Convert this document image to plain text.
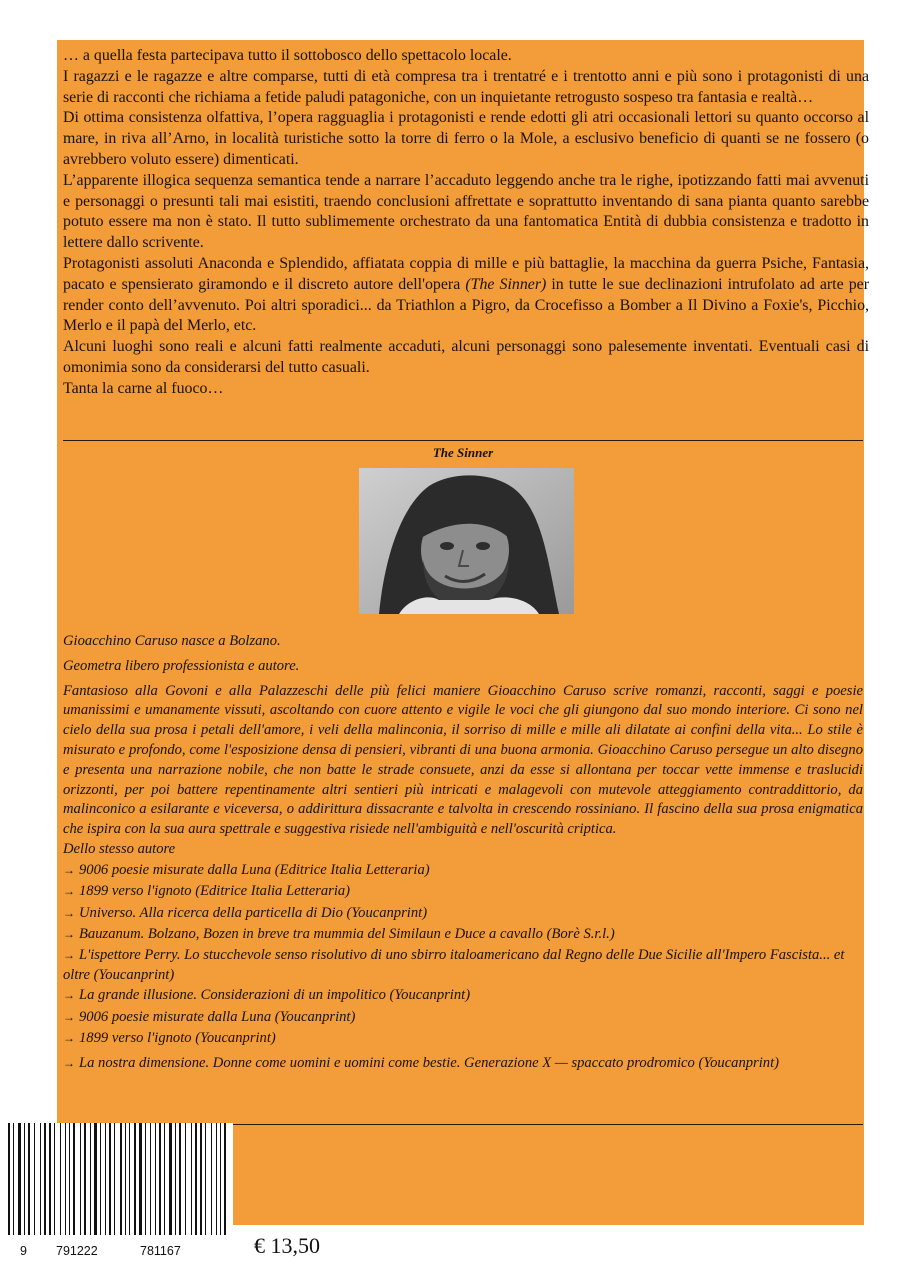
… a quella festa partecipava tutto il sottobosco dello spettacolo locale.

I ragazzi e le ragazze e altre comparse, tutti di età compresa tra i trentatré e i trentotto anni e più sono i protagonisti di una serie di racconti che richiama a fetide paludi patagoniche, con un inquietante retrogusto sospeso tra fantasia e realtà…

Di ottima consistenza olfattiva, l’opera ragguaglia i protagonisti e rende edotti gli atri occasionali lettori su quanto occorso al mare, in riva all’Arno, in località turistiche sotto la torre di ferro o la Mole, a esclusivo beneficio di quanti se ne fossero (o avrebbero voluto essere) dimenticati.

L’apparente illogica sequenza semantica tende a narrare l’accaduto leggendo anche tra le righe, ipotizzando fatti mai avvenuti e personaggi o presunti tali mai esistiti, traendo conclusioni affrettate e soprattutto inventando di sana pianta quanto sarebbe potuto essere ma non è stato. Il tutto sublimemente orchestrato da una fantomatica Entità di dubbia consistenza e tradotto in lettere dallo scrivente.

Protagonisti assoluti Anaconda e Splendido, affiatata coppia di mille e più battaglie, la macchina da guerra Psiche, Fantasia, pacato e spensierato giramondo e il discreto autore dell'opera (The Sinner) in tutte le sue declinazioni intrufolato ad arte per render conto dell’avvenuto. Poi altri sporadici... da Triathlon a Pigro, da Crocefisso a Bomber a Il Divino a Foxie's, Picchio, Merlo e il papà del Merlo, etc.

Alcuni luoghi sono reali e alcuni fatti realmente accaduti, alcuni personaggi sono palesemente inventati. Eventuali casi di omonimia sono da considerarsi del tutto casuali.

Tanta la carne al fuoco…

The Sinner

Gioacchino Caruso nasce a Bolzano.

Geometra libero professionista e autore.

Fantasioso alla Govoni e alla Palazzeschi delle più felici maniere Gioacchino Caruso scrive romanzi, racconti, saggi e poesie umanissimi e umanamente vissuti, ascoltando con cuore attento e vigile le voci che gli giungono dal suo mondo interiore. Ci sono nel cielo della sua prosa i petali dell'amore, i veli della malinconia, il sorriso di mille e mille ali dilatate ai confini della vita... Lo stile è misurato e profondo, come l'esposizione densa di pensieri, vibranti di una buona armonia. Gioacchino Caruso persegue un alto disegno e presenta una narrazione nobile, che non batte le strade consuete, anzi da esse si allontana per toccar vette immense e traslucidi orizzonti, per poi battere repentinamente altri sentieri più intricati e malagevoli con mutevole atteggiamento contraddittorio, da malinconico a esilarante e viceversa, o addirittura dissacrante e talvolta in crescendo rossiniano. Il fascino della sua prosa enigmatica che ispira con la sua aura spettrale e suggestiva risiede nell'ambiguità e nell'oscurità criptica.

Dello stesso autore

→ 9006 poesie misurate dalla Luna (Editrice Italia Letteraria)
→ 1899 verso l'ignoto (Editrice Italia Letteraria)
→ Universo. Alla ricerca della particella di Dio (Youcanprint)
→ Bauzanum. Bolzano, Bozen in breve tra mummia del Similaun e Duce a cavallo (Borè S.r.l.)
→ L'ispettore Perry. Lo stucchevole senso risolutivo di uno sbirro italoamericano dal Regno delle Due Sicilie all'Impero Fascista... et oltre (Youcanprint)
→ La grande illusione. Considerazioni di un impolitico (Youcanprint)
→ 9006 poesie misurate dalla Luna (Youcanprint)
→ 1899 verso l'ignoto (Youcanprint)
→ La nostra dimensione. Donne come uomini e uomini come bestie. Generazione X — spaccato prodromico (Youcanprint)
9 791222	781167	€ 13,50
